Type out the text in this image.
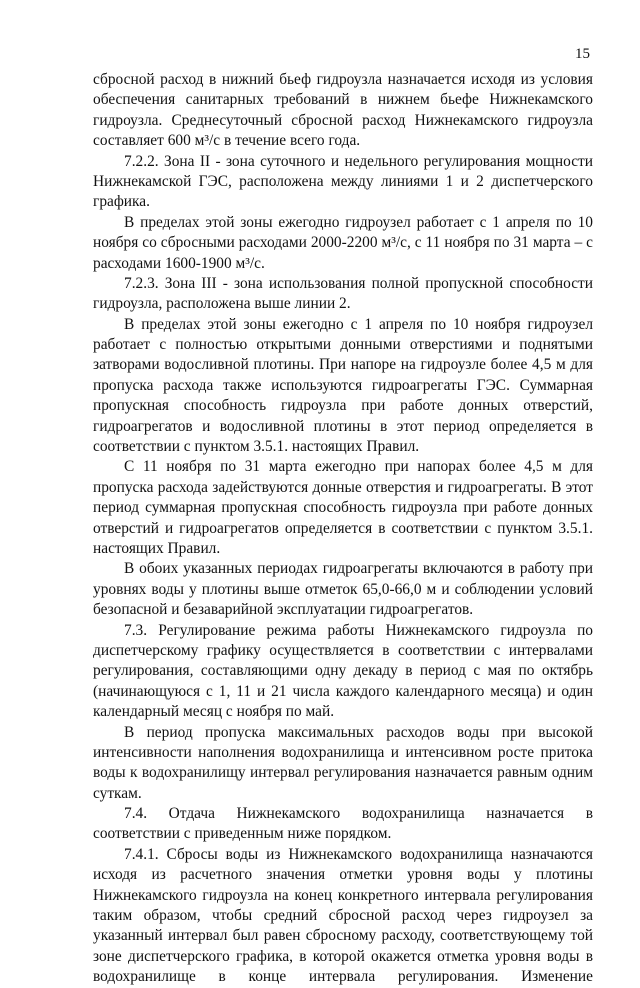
15
сбросной расход в нижний бьеф гидроузла назначается исходя из условия
обеспечения санитарных требований в нижнем бьефе Нижнекамского
гидроузла. Среднесуточный сбросной расход Нижнекамского гидроузла
составляет 600 м³/с в течение всего года.
7.2.2. Зона II - зона суточного и недельного регулирования мощности
Нижнекамской ГЭС, расположена между линиями 1 и 2 диспетчерского
графика.
В пределах этой зоны ежегодно гидроузел работает с 1 апреля по 10
ноября со сбросными расходами 2000-2200 м³/с, с 11 ноября по 31 марта – с
расходами 1600-1900 м³/с.
7.2.3. Зона III - зона использования полной пропускной способности
гидроузла, расположена выше линии 2.
В пределах этой зоны ежегодно с 1 апреля по 10 ноября гидроузел
работает с полностью открытыми донными отверстиями и поднятыми
затворами водосливной плотины. При напоре на гидроузле более 4,5 м для
пропуска расхода также используются гидроагрегаты ГЭС. Суммарная
пропускная способность гидроузла при работе донных отверстий,
гидроагрегатов и водосливной плотины в этот период определяется в
соответствии с пунктом 3.5.1. настоящих Правил.
С 11 ноября по 31 марта ежегодно при напорах более 4,5 м для
пропуска расхода задействуются донные отверстия и гидроагрегаты. В этот
период суммарная пропускная способность гидроузла при работе донных
отверстий и гидроагрегатов определяется в соответствии с пунктом 3.5.1.
настоящих Правил.
В обоих указанных периодах гидроагрегаты включаются в работу при
уровнях воды у плотины выше отметок 65,0-66,0 м и соблюдении условий
безопасной и безаварийной эксплуатации гидроагрегатов.
7.3. Регулирование режима работы Нижнекамского гидроузла по
диспетчерскому графику осуществляется в соответствии с интервалами
регулирования, составляющими одну декаду в период с мая по октябрь
(начинающуюся с 1, 11 и 21 числа каждого календарного месяца) и один
календарный месяц с ноября по май.
В период пропуска максимальных расходов воды при высокой
интенсивности наполнения водохранилища и интенсивном росте притока
воды к водохранилищу интервал регулирования назначается равным одним
суткам.
7.4. Отдача Нижнекамского водохранилища назначается в
соответствии с приведенным ниже порядком.
7.4.1. Сбросы воды из Нижнекамского водохранилища назначаются
исходя из расчетного значения отметки уровня воды у плотины
Нижнекамского гидроузла на конец конкретного интервала регулирования
таким образом, чтобы средний сбросной расход через гидроузел за
указанный интервал был равен сбросному расходу, соответствующему той
зоне диспетчерского графика, в которой окажется отметка уровня воды в
водохранилище в конце интервала регулирования. Изменение
